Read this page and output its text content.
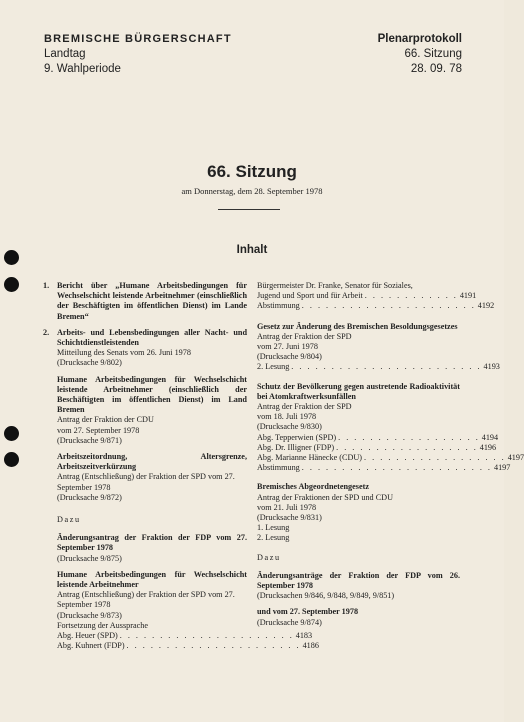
BREMISCHE BÜRGERSCHAFT
Landtag
9. Wahlperiode
Plenarprotokoll
66. Sitzung
28. 09. 78
66. Sitzung
am Donnerstag, dem 28. September 1978
Inhalt
1. Bericht über „Humane Arbeitsbedingungen für Wechselschicht leistende Arbeitnehmer (einschließlich der Beschäftigten im öffentlichen Dienst) im Lande Bremen“
2. Arbeits- und Lebensbedingungen aller Nacht- und Schichtdienstleistenden
Mitteilung des Senats vom 26. Juni 1978
(Drucksache 9/802)
Humane Arbeitsbedingungen für Wechselschicht leistende Arbeitnehmer (einschließlich der Beschäftigten im öffentlichen Dienst) im Land Bremen
Antrag der Fraktion der CDU
vom 27. September 1978
(Drucksache 9/871)
Arbeitszeitordnung, Altersgrenze, Arbeitszeitverkürzung
Antrag (Entschließung) der Fraktion der SPD vom 27. September 1978
(Drucksache 9/872)
Dazu
Änderungsantrag der Fraktion der FDP vom 27. September 1978
(Drucksache 9/875)
Humane Arbeitsbedingungen für Wechselschicht leistende Arbeitnehmer
Antrag (Entschließung) der Fraktion der SPD vom 27. September 1978
(Drucksache 9/873)
Fortsetzung der Aussprache
Abg. Heuer (SPD) . . . . . . . . . . . . . . . . . . . . . . 4183
Abg. Kuhnert (FDP) . . . . . . . . . . . . . . . . . . . . . . 4186
Bürgermeister Dr. Franke, Senator für Soziales,
Jugend und Sport und für Arbeit . . . . . . . . . . . . 4191
Abstimmung . . . . . . . . . . . . . . . . . . . . . . 4192
Gesetz zur Änderung des Bremischen Besoldungsgesetzes
Antrag der Fraktion der SPD
vom 27. Juni 1978
(Drucksache 9/804)
2. Lesung . . . . . . . . . . . . . . . . . . . . . . . . 4193
Schutz der Bevölkerung gegen austretende Radioaktivität bei Atomkraftwerksunfällen
Antrag der Fraktion der SPD
vom 18. Juli 1978
(Drucksache 9/830)
Abg. Tepperwien (SPD) . . . . . . . . . . . . . . . . . . 4194
Abg. Dr. Illigner (FDP) . . . . . . . . . . . . . . . . . . 4196
Abg. Marianne Hänecke (CDU) . . . . . . . . . . . . . . . . . . 4197
Abstimmung . . . . . . . . . . . . . . . . . . . . . . . . 4197
Bremisches Abgeordnetengesetz
Antrag der Fraktionen der SPD und CDU
vom 21. Juli 1978
(Drucksache 9/831)
1. Lesung
2. Lesung
Dazu
Änderungsanträge der Fraktion der FDP vom 26. September 1978
(Drucksachen 9/846, 9/848, 9/849, 9/851)
und vom 27. September 1978
(Drucksache 9/874)
